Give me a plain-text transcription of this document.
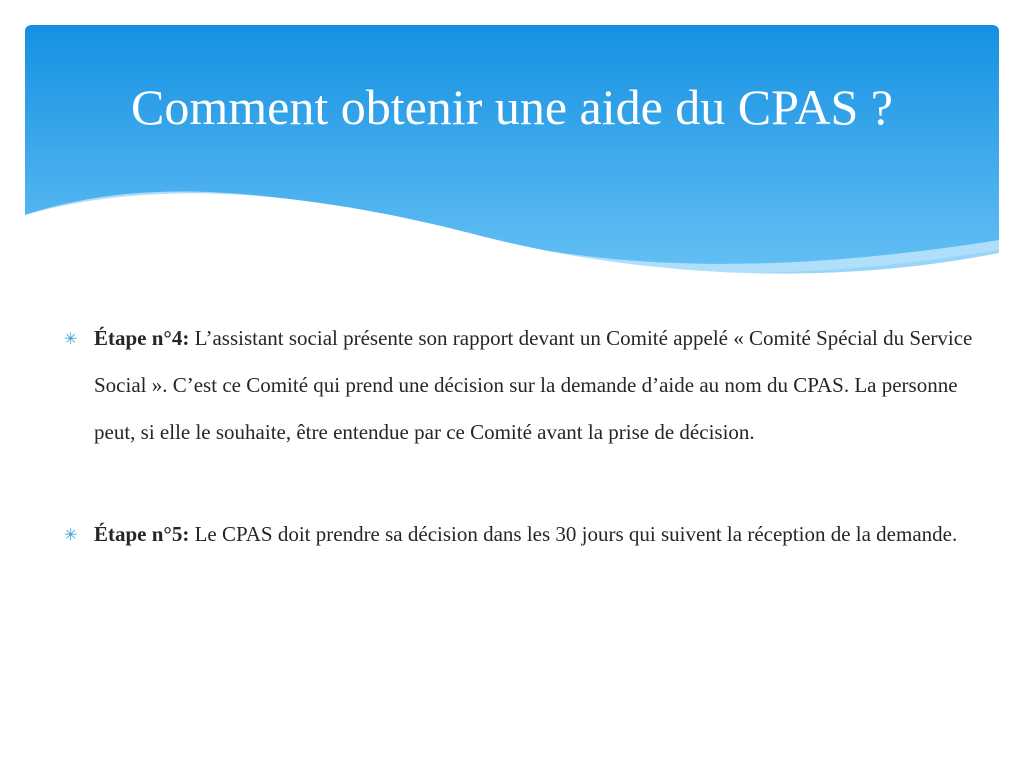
Comment obtenir une aide du CPAS ?
✳ Étape n°4: L’assistant social présente son rapport devant un Comité appelé « Comité Spécial du Service Social ». C’est ce Comité qui prend une décision sur la demande d’aide au nom du CPAS. La personne peut, si elle le souhaite, être entendue par ce Comité avant la prise de décision.
✳ Étape n°5: Le CPAS doit prendre sa décision dans les 30 jours qui suivent la réception de la demande.
